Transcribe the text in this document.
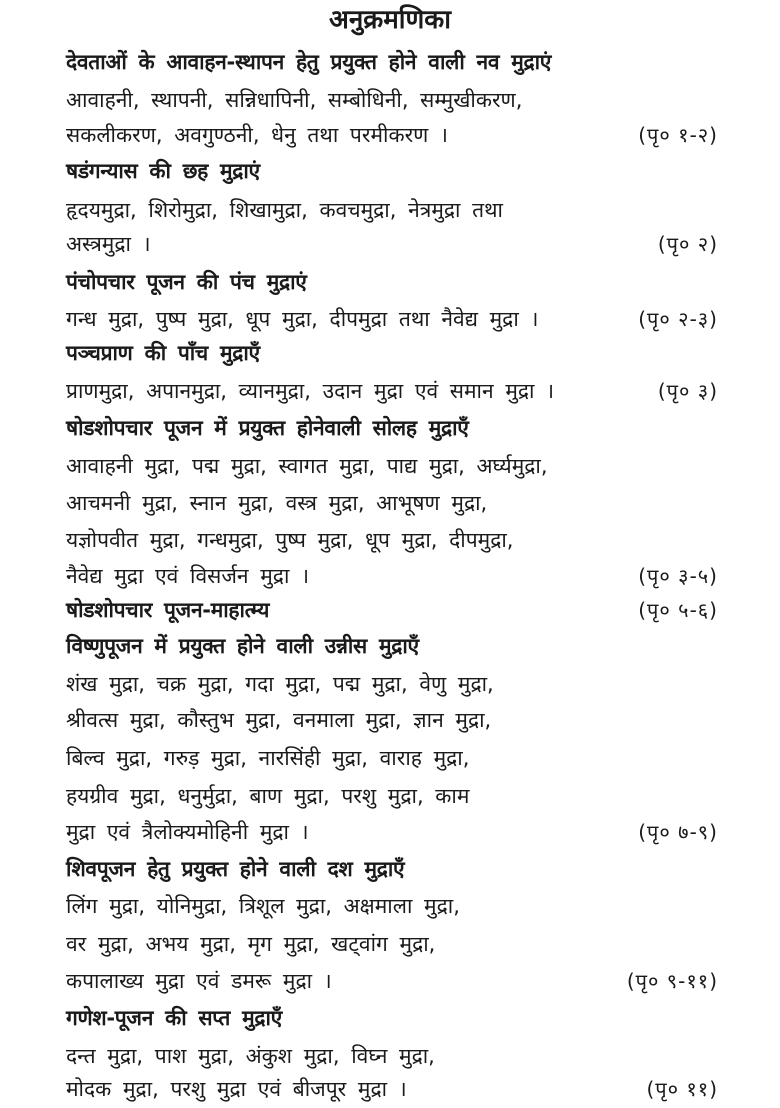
अनुक्रमणिका
देवताओं के आवाहन-स्थापन हेतु प्रयुक्त होने वाली नव मुद्राएं
आवाहनी, स्थापनी, सन्निधापिनी, सम्बोधिनी, सम्मुखीकरण,
सकलीकरण, अवगुण्ठनी, धेनु तथा परमीकरण ।	(पृ० १-२)
षडंगन्यास की छह मुद्राएं
हृदयमुद्रा, शिरोमुद्रा, शिखामुद्रा, कवचमुद्रा, नेत्रमुद्रा तथा
अस्त्रमुद्रा ।	(पृ० २)
पंचोपचार पूजन की पंच मुद्राएं
गन्ध मुद्रा, पुष्प मुद्रा, धूप मुद्रा, दीपमुद्रा तथा नैवेद्य मुद्रा ।	(पृ० २-३)
पञ्चप्राण की पाँच मुद्राएँ
प्राणमुद्रा, अपानमुद्रा, व्यानमुद्रा, उदान मुद्रा एवं समान मुद्रा ।	(पृ० ३)
षोडशोपचार पूजन में प्रयुक्त होनेवाली सोलह मुद्राएँ
आवाहनी मुद्रा, पद्म मुद्रा, स्वागत मुद्रा, पाद्य मुद्रा, अर्घ्यमुद्रा,
आचमनी मुद्रा, स्नान मुद्रा, वस्त्र मुद्रा, आभूषण मुद्रा,
यज्ञोपवीत मुद्रा, गन्धमुद्रा, पुष्प मुद्रा, धूप मुद्रा, दीपमुद्रा,
नैवेद्य मुद्रा एवं विसर्जन मुद्रा ।	(पृ० ३-५)
षोडशोपचार पूजन-माहात्म्य	(पृ० ५-६)
विष्णुपूजन में प्रयुक्त होने वाली उन्नीस मुद्राएँ
शंख मुद्रा, चक्र मुद्रा, गदा मुद्रा, पद्म मुद्रा, वेणु मुद्रा,
श्रीवत्स मुद्रा, कौस्तुभ मुद्रा, वनमाला मुद्रा, ज्ञान मुद्रा,
बिल्व मुद्रा, गरुड़ मुद्रा, नारसिंही मुद्रा, वाराह मुद्रा,
हयग्रीव मुद्रा, धनुर्मुद्रा, बाण मुद्रा, परशु मुद्रा, काम
मुद्रा एवं त्रैलोक्यमोहिनी मुद्रा ।	(पृ० ७-९)
शिवपूजन हेतु प्रयुक्त होने वाली दश मुद्राएँ
लिंग मुद्रा, योनिमुद्रा, त्रिशूल मुद्रा, अक्षमाला मुद्रा,
वर मुद्रा, अभय मुद्रा, मृग मुद्रा, खट्वांग मुद्रा,
कपालाख्य मुद्रा एवं डमरू मुद्रा ।	(पृ० ९-११)
गणेश-पूजन की सप्त मुद्राएँ
दन्त मुद्रा, पाश मुद्रा, अंकुश मुद्रा, विघ्न मुद्रा,
मोदक मुद्रा, परशु मुद्रा एवं बीजपूर मुद्रा ।	(पृ० ११)
